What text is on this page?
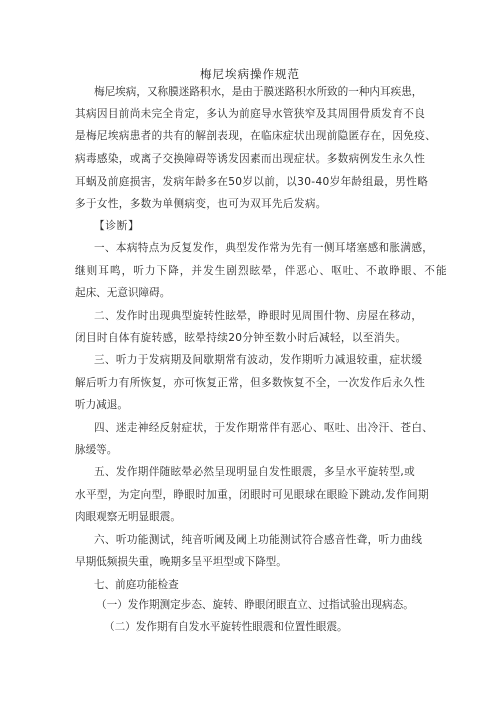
梅尼埃病操作规范
梅尼埃病，又称膜迷路积水，是由于膜迷路积水所致的一种内耳疾患，
其病因目前尚未完全肯定，多认为前庭导水管狭窄及其周围骨质发育不良
是梅尼埃病患者的共有的解剖表现，在临床症状出现前隐匿存在，因免疫、
病毒感染，或离子交换障碍等诱发因素而出现症状。多数病例发生永久性
耳蜗及前庭损害，发病年龄多在50岁以前，以30-40岁年龄组最，男性略
多于女性，多数为单侧病变，也可为双耳先后发病。
【诊断】
一、本病特点为反复发作，典型发作常为先有一侧耳堵塞感和胀满感，
继则耳鸣，听力下降，并发生剧烈眩晕，伴恶心、呕吐、不敢睁眼、不能
起床、无意识障碍。
二、发作时出现典型旋转性眩晕，睁眼时见周围什物、房屋在移动，
闭目时自体有旋转感，眩晕持续20分钟至数小时后减轻，以至消失。
三、听力于发病期及间歇期常有波动，发作期听力减退较重，症状缓
解后听力有所恢复，亦可恢复正常，但多数恢复不全，一次发作后永久性
听力减退。
四、迷走神经反射症状，于发作期常伴有恶心、呕吐、出冷汗、苍白、
脉缓等。
五、发作期伴随眩晕必然呈现明显自发性眼震，多呈水平旋转型,或
水平型，为定向型，睁眼时加重，闭眼时可见眼球在眼睑下跳动,发作间期
肉眼观察无明显眼震。
六、听功能测试，纯音听阈及阈上功能测试符合感音性聋，听力曲线
早期低频损失重，晚期多呈平坦型或下降型。
七、前庭功能检查
（一）发作期测定步态、旋转、睁眼闭眼直立、过指试验出现病态。
（二）发作期有自发水平旋转性眼震和位置性眼震。
